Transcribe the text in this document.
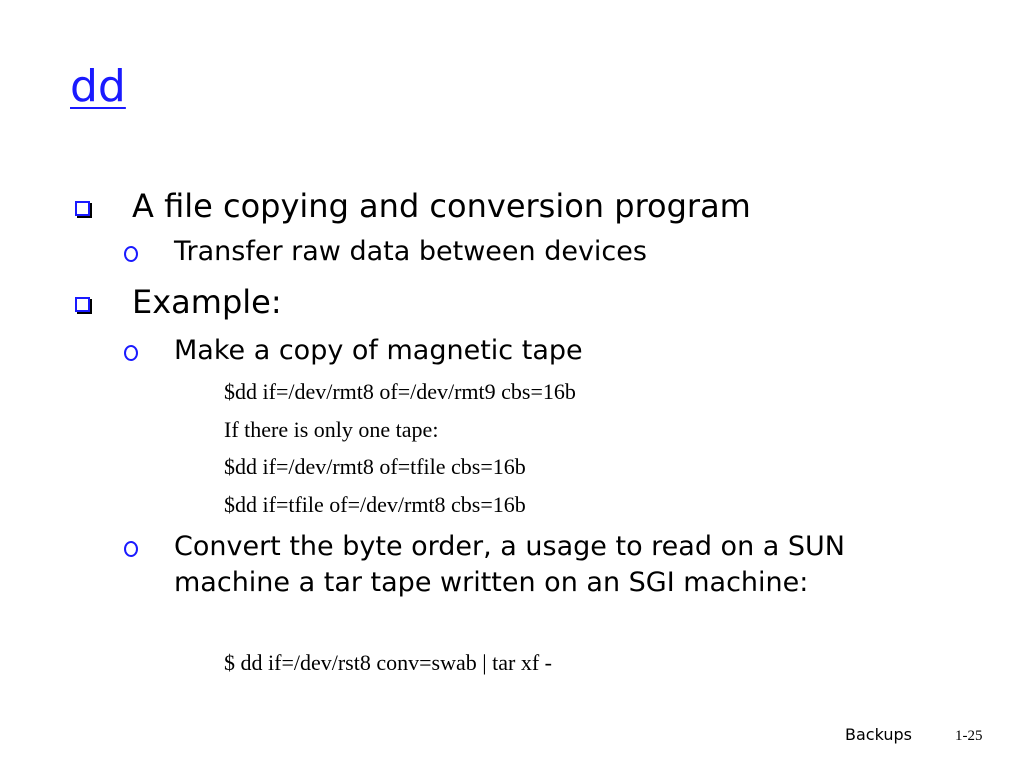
dd
A file copying and conversion program
Transfer raw data between devices
Example:
Make a copy of magnetic tape
$dd if=/dev/rmt8 of=/dev/rmt9 cbs=16b
If there is only one tape:
$dd if=/dev/rmt8 of=tfile cbs=16b
$dd if=tfile of=/dev/rmt8 cbs=16b
Convert the byte order, a usage to read on a SUN machine a tar tape written on an SGI machine:
$ dd if=/dev/rst8 conv=swab | tar xf -
Backups	1-25
